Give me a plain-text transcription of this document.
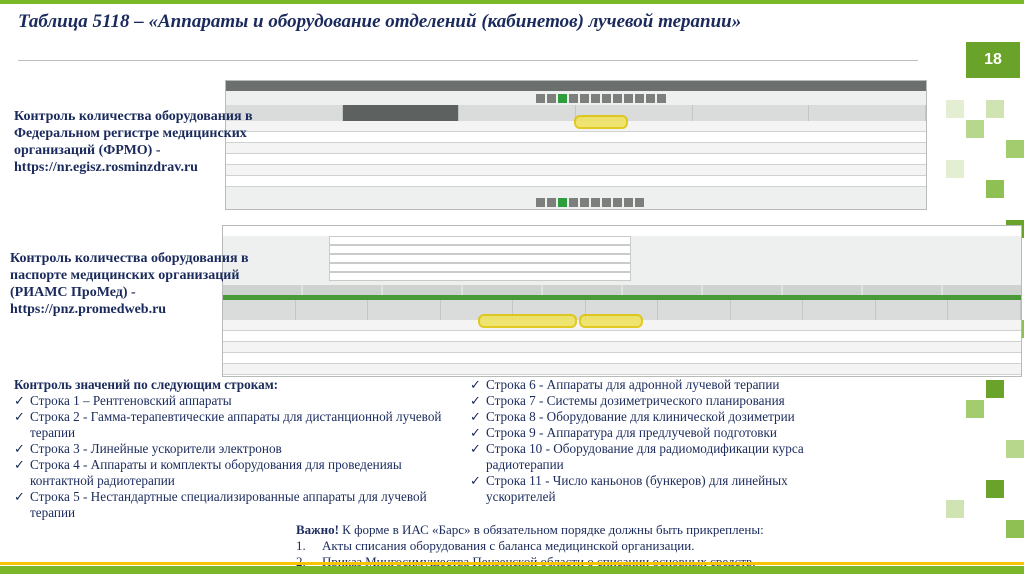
Таблица 5118 – «Аппараты и оборудование отделений (кабинетов) лучевой терапии»
18
Контроль количества оборудования в Федеральном регистре медицинских организаций (ФРМО) - https://nr.egisz.rosminzdrav.ru
Контроль количества оборудования в паспорте медицинских организаций (РИАМС ПроМед) - https://pnz.promedweb.ru
Контроль значений по следующим строкам:
✓ Строка 1 – Рентгеновский аппараты
✓ Строка 2 - Гамма-терапевтические аппараты для дистанционной лучевой терапии
✓ Строка 3 - Линейные ускорители электронов
✓ Строка 4 - Аппараты и комплекты оборудования для проведенияы контактной радиотерапии
✓ Строка 5 - Нестандартные специализированные аппараты для лучевой терапии
✓ Строка 6 - Аппараты для адронной лучевой терапии
✓ Строка 7 - Системы дозиметрического планирования
✓ Строка 8 - Оборудование для клинической дозиметрии
✓ Строка 9 - Аппаратура для предлучевой подготовки
✓ Строка 10 - Оборудование для радиомодификации курса радиотерапии
✓ Строка 11 - Число каньонов (бункеров) для линейных ускорителей
Важно! К форме в ИАС «Барс» в обязательном порядке должны быть прикреплены:
1. Акты списания оборудования с баланса медицинской организации.
